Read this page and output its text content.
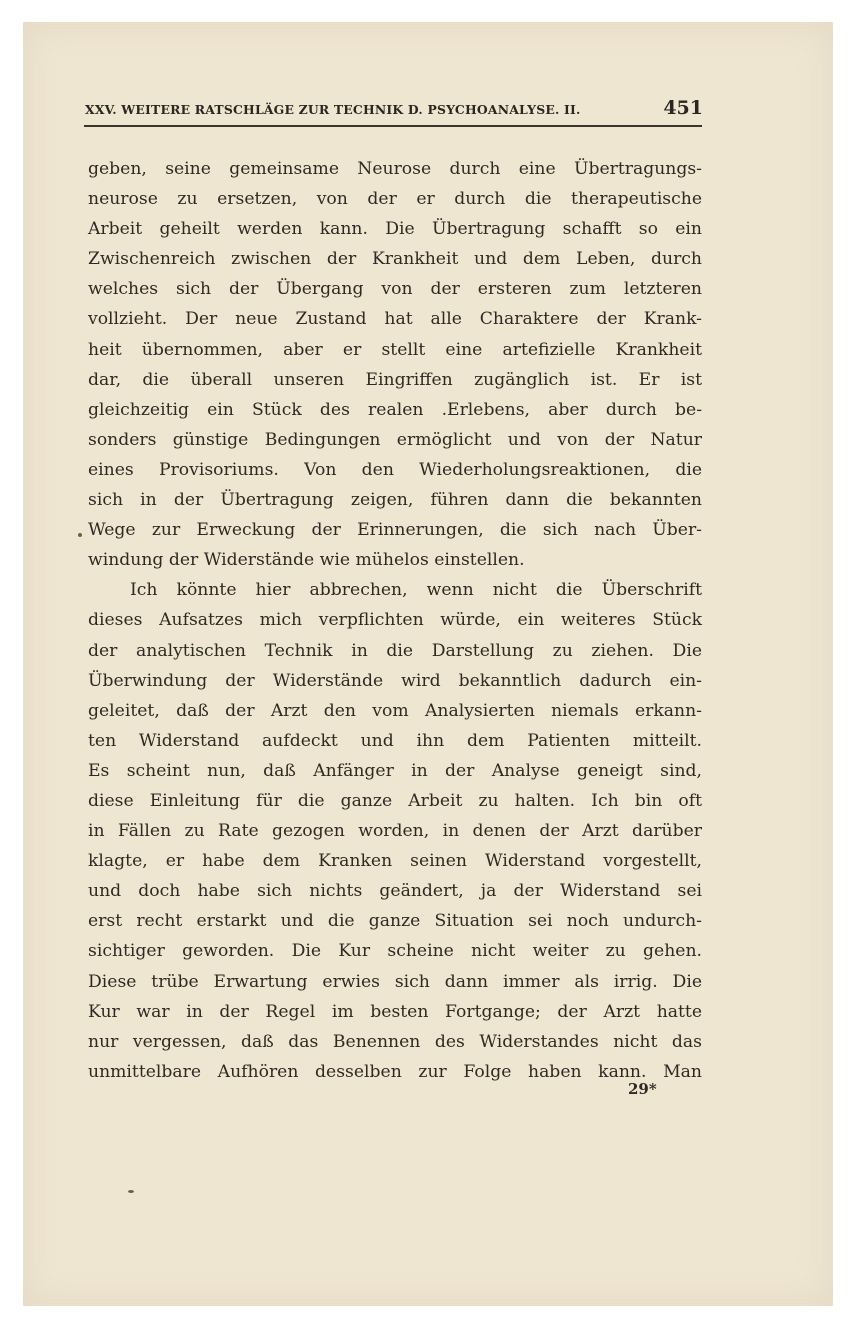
XXV. WEITERE RATSCHLÄGE ZUR TECHNIK D. PSYCHOANALYSE. II.	451
geben, seine gemeinsame Neurose durch eine Übertragungs-
neurose zu ersetzen, von der er durch die therapeutische
Arbeit geheilt werden kann. Die Übertragung schafft so ein
Zwischenreich zwischen der Krankheit und dem Leben, durch
welches sich der Übergang von der ersteren zum letzteren
vollzieht. Der neue Zustand hat alle Charaktere der Krank-
heit übernommen, aber er stellt eine artefizielle Krankheit
dar, die überall unseren Eingriffen zugänglich ist. Er ist
gleichzeitig ein Stück des realen .Erlebens, aber durch be-
sonders günstige Bedingungen ermöglicht und von der Natur
eines Provisoriums. Von den Wiederholungsreaktionen, die
sich in der Übertragung zeigen, führen dann die bekannten
Wege zur Erweckung der Erinnerungen, die sich nach Über-
windung der Widerstände wie mühelos einstellen.
Ich könnte hier abbrechen, wenn nicht die Überschrift
dieses Aufsatzes mich verpflichten würde, ein weiteres Stück
der analytischen Technik in die Darstellung zu ziehen. Die
Überwindung der Widerstände wird bekanntlich dadurch ein-
geleitet, daß der Arzt den vom Analysierten niemals erkann-
ten Widerstand aufdeckt und ihn dem Patienten mitteilt.
Es scheint nun, daß Anfänger in der Analyse geneigt sind,
diese Einleitung für die ganze Arbeit zu halten. Ich bin oft
in Fällen zu Rate gezogen worden, in denen der Arzt darüber
klagte, er habe dem Kranken seinen Widerstand vorgestellt,
und doch habe sich nichts geändert, ja der Widerstand sei
erst recht erstarkt und die ganze Situation sei noch undurch-
sichtiger geworden. Die Kur scheine nicht weiter zu gehen.
Diese trübe Erwartung erwies sich dann immer als irrig. Die
Kur war in der Regel im besten Fortgange; der Arzt hatte
nur vergessen, daß das Benennen des Widerstandes nicht das
unmittelbare Aufhören desselben zur Folge haben kann. Man
29*
